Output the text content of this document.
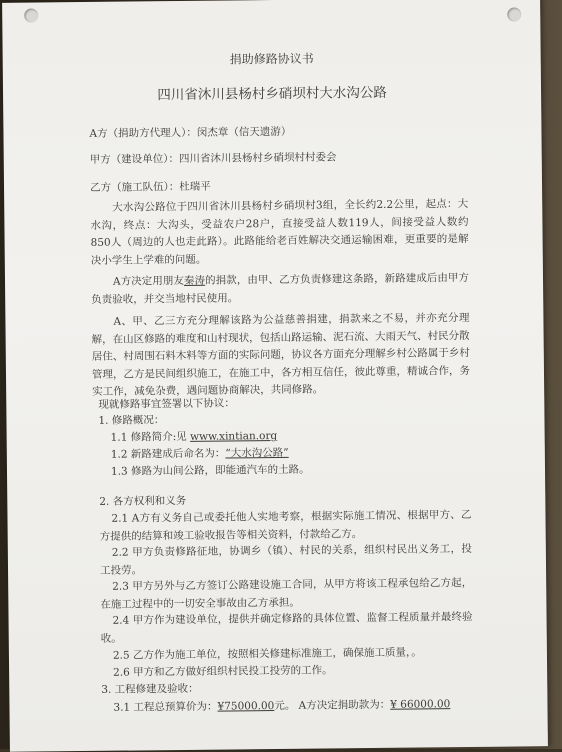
捐助修路协议书
四川省沐川县杨村乡硝坝村大水沟公路
A方（捐助方代理人）：闵杰章（信天遗游）
甲方（建设单位）：四川省沐川县杨村乡硝坝村村委会
乙方（施工队伍）：杜瑞平
大水沟公路位于四川省沐川县杨村乡硝坝村3组，全长约2.2公里，起点：大水沟，终点：大沟头，受益农户28户，直接受益人数119人，间接受益人数约850人（周边的人也走此路）。此路能给老百姓解决交通运输困难，更重要的是解决小学生上学难的问题。
A方决定用朋友秦涛的捐款，由甲、乙方负责修建这条路，新路建成后由甲方负责验收，并交当地村民使用。
A、甲、乙三方充分理解该路为公益慈善捐建，捐款来之不易，并亦充分理解，在山区修路的难度和山村现状，包括山路运输、泥石流、大雨天气、村民分散居住、村周围石料木料等方面的实际问题，协议各方面充分理解乡村公路属于乡村管理，乙方是民间组织施工，在施工中，各方相互信任，彼此尊重，精诚合作，务实工作，减免杂费，遇问题协商解决，共同修路。
现就修路事宜签署以下协议：
1. 修路概况：
1.1 修路简介:见 www.xintian.org
1.2 新路建成后命名为：“大水沟公路”
1.3 修路为山间公路，即能通汽车的土路。
2. 各方权利和义务
2.1 A方有义务自己或委托他人实地考察，根据实际施工情况、根据甲方、乙方提供的结算和竣工验收报告等相关资料，付款给乙方。
2.2 甲方负责修路征地，协调乡（镇）、村民的关系，组织村民出义务工，投工投劳。
2.3 甲方另外与乙方签订公路建设施工合同，从甲方将该工程承包给乙方起，在施工过程中的一切安全事故由乙方承担。
2.4 甲方作为建设单位，提供并确定修路的具体位置、监督工程质量并最终验收。
2.5 乙方作为施工单位，按照相关修建标准施工，确保施工质量，。
2.6 甲方和乙方做好组织村民投工投劳的工作。
3. 工程修建及验收：
3.1 工程总预算价为：¥75000.00元。 A方决定捐助款为：¥ 66000.00
